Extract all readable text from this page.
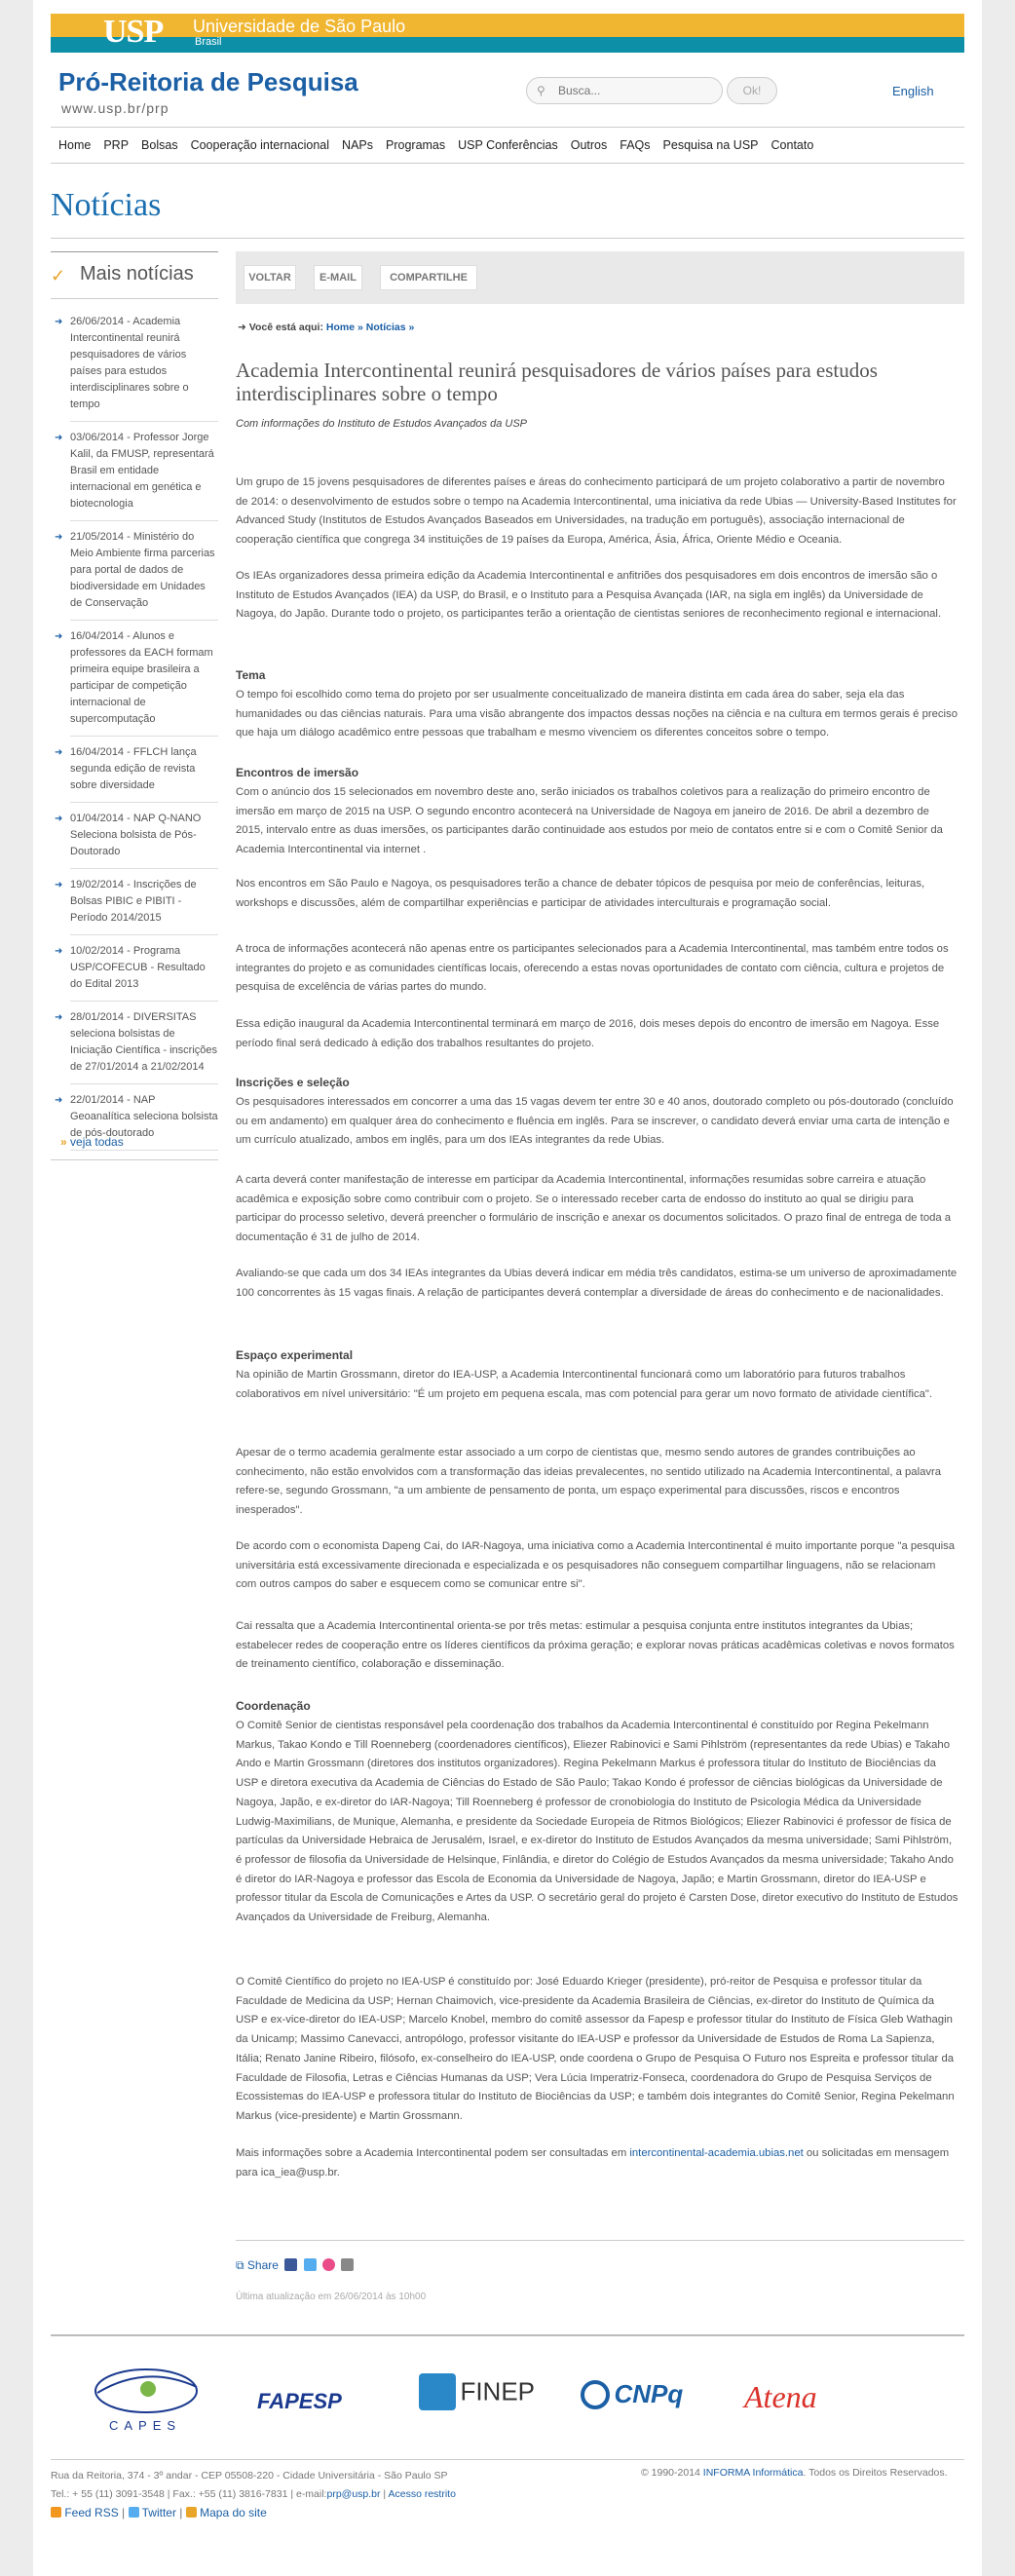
USP	Universidade de São Paulo
Brasil
Pró-Reitoria de Pesquisa
www.usp.br/prp
⚲
Busca...	Ok!	English
Home PRP Bolsas Cooperação internacional NAPs Programas USP Conferências Outros FAQs Pesquisa na USP Contato
Notícias
✓ Mais notícias
➜ 26/06/2014 - Academia Intercontinental reunirá pesquisadores de vários países para estudos interdisciplinares sobre o tempo
➜ 03/06/2014 - Professor Jorge Kalil, da FMUSP, representará Brasil em entidade internacional em genética e biotecnologia
➜ 21/05/2014 - Ministério do Meio Ambiente firma parcerias para portal de dados de biodiversidade em Unidades de Conservação
➜ 16/04/2014 - Alunos e professores da EACH formam primeira equipe brasileira a participar de competição internacional de supercomputação
➜ 16/04/2014 - FFLCH lança segunda edição de revista sobre diversidade
➜ 01/04/2014 - NAP Q-NANO Seleciona bolsista de Pós-Doutorado
➜ 19/02/2014 - Inscrições de Bolsas PIBIC e PIBITI - Período 2014/2015
➜ 10/02/2014 - Programa USP/COFECUB - Resultado do Edital 2013
➜ 28/01/2014 - DIVERSITAS seleciona bolsistas de Iniciação Científica - inscrições de 27/01/2014 a 21/02/2014
➜ 22/01/2014 - NAP Geoanalítica seleciona bolsista de pós-doutorado
» veja todas
VOLTAR	E-MAIL	COMPARTILHE
➜ Você está aqui: Home » Notícias »
Academia Intercontinental reunirá pesquisadores de vários países para estudos interdisciplinares sobre o tempo
Com informações do Instituto de Estudos Avançados da USP

Um grupo de 15 jovens pesquisadores de diferentes países e áreas do conhecimento participará de um projeto colaborativo a partir de novembro de 2014: o desenvolvimento de estudos sobre o tempo na Academia Intercontinental, uma iniciativa da rede Ubias — University-Based Institutes for Advanced Study (Institutos de Estudos Avançados Baseados em Universidades, na tradução em português), associação internacional de cooperação científica que congrega 34 instituições de 19 países da Europa, América, Ásia, África, Oriente Médio e Oceania.

Os IEAs organizadores dessa primeira edição da Academia Intercontinental e anfitriões dos pesquisadores em dois encontros de imersão são o Instituto de Estudos Avançados (IEA) da USP, do Brasil, e o Instituto para a Pesquisa Avançada (IAR, na sigla em inglês) da Universidade de Nagoya, do Japão. Durante todo o projeto, os participantes terão a orientação de cientistas seniores de reconhecimento regional e internacional.

Tema

O tempo foi escolhido como tema do projeto por ser usualmente conceitualizado de maneira distinta em cada área do saber, seja ela das humanidades ou das ciências naturais. Para uma visão abrangente dos impactos dessas noções na ciência e na cultura em termos gerais é preciso que haja um diálogo acadêmico entre pessoas que trabalham e mesmo vivenciem os diferentes conceitos sobre o tempo.

Encontros de imersão

Com o anúncio dos 15 selecionados em novembro deste ano, serão iniciados os trabalhos coletivos para a realização do primeiro encontro de imersão em março de 2015 na USP. O segundo encontro acontecerá na Universidade de Nagoya em janeiro de 2016. De abril a dezembro de 2015, intervalo entre as duas imersões, os participantes darão continuidade aos estudos por meio de contatos entre si e com o Comitê Senior da Academia Intercontinental via internet .

Nos encontros em São Paulo e Nagoya, os pesquisadores terão a chance de debater tópicos de pesquisa por meio de conferências, leituras, workshops e discussões, além de compartilhar experiências e participar de atividades interculturais e programação social.

A troca de informações acontecerá não apenas entre os participantes selecionados para a Academia Intercontinental, mas também entre todos os integrantes do projeto e as comunidades científicas locais, oferecendo a estas novas oportunidades de contato com ciência, cultura e projetos de pesquisa de excelência de várias partes do mundo.

Essa edição inaugural da Academia Intercontinental terminará em março de 2016, dois meses depois do encontro de imersão em Nagoya. Esse período final será dedicado à edição dos trabalhos resultantes do projeto.

Inscrições e seleção

Os pesquisadores interessados em concorrer a uma das 15 vagas devem ter entre 30 e 40 anos, doutorado completo ou pós-doutorado (concluído ou em andamento) em qualquer área do conhecimento e fluência em inglês. Para se inscrever, o candidato deverá enviar uma carta de intenção e um currículo atualizado, ambos em inglês, para um dos IEAs integrantes da rede Ubias.

A carta deverá conter manifestação de interesse em participar da Academia Intercontinental, informações resumidas sobre carreira e atuação acadêmica e exposição sobre como contribuir com o projeto. Se o interessado receber carta de endosso do instituto ao qual se dirigiu para participar do processo seletivo, deverá preencher o formulário de inscrição e anexar os documentos solicitados. O prazo final de entrega de toda a documentação é 31 de julho de 2014.

Avaliando-se que cada um dos 34 IEAs integrantes da Ubias deverá indicar em média três candidatos, estima-se um universo de aproximadamente 100 concorrentes às 15 vagas finais. A relação de participantes deverá contemplar a diversidade de áreas do conhecimento e de nacionalidades.

Espaço experimental

Na opinião de Martin Grossmann, diretor do IEA-USP, a Academia Intercontinental funcionará como um laboratório para futuros trabalhos colaborativos em nível universitário: "É um projeto em pequena escala, mas com potencial para gerar um novo formato de atividade científica".

Apesar de o termo academia geralmente estar associado a um corpo de cientistas que, mesmo sendo autores de grandes contribuições ao conhecimento, não estão envolvidos com a transformação das ideias prevalecentes, no sentido utilizado na Academia Intercontinental, a palavra refere-se, segundo Grossmann, "a um ambiente de pensamento de ponta, um espaço experimental para discussões, riscos e encontros inesperados".

De acordo com o economista Dapeng Cai, do IAR-Nagoya, uma iniciativa como a Academia Intercontinental é muito importante porque "a pesquisa universitária está excessivamente direcionada e especializada e os pesquisadores não conseguem compartilhar linguagens, não se relacionam com outros campos do saber e esquecem como se comunicar entre si".

Cai ressalta que a Academia Intercontinental orienta-se por três metas: estimular a pesquisa conjunta entre institutos integrantes da Ubias; estabelecer redes de cooperação entre os líderes científicos da próxima geração; e explorar novas práticas acadêmicas coletivas e novos formatos de treinamento científico, colaboração e disseminação.

Coordenação

O Comitê Senior de cientistas responsável pela coordenação dos trabalhos da Academia Intercontinental é constituído por Regina Pekelmann Markus, Takao Kondo e Till Roenneberg (coordenadores científicos), Eliezer Rabinovici e Sami Pihlström (representantes da rede Ubias) e Takaho Ando e Martin Grossmann (diretores dos institutos organizadores). Regina Pekelmann Markus é professora titular do Instituto de Biociências da USP e diretora executiva da Academia de Ciências do Estado de São Paulo; Takao Kondo é professor de ciências biológicas da Universidade de Nagoya, Japão, e ex-diretor do IAR-Nagoya; Till Roenneberg é professor de cronobiologia do Instituto de Psicologia Médica da Universidade Ludwig-Maximilians, de Munique, Alemanha, e presidente da Sociedade Europeia de Ritmos Biológicos; Eliezer Rabinovici é professor de física de partículas da Universidade Hebraica de Jerusalém, Israel, e ex-diretor do Instituto de Estudos Avançados da mesma universidade; Sami Pihlström, é professor de filosofia da Universidade de Helsinque, Finlândia, e diretor do Colégio de Estudos Avançados da mesma universidade; Takaho Ando é diretor do IAR-Nagoya e professor das Escola de Economia da Universidade de Nagoya, Japão; e Martin Grossmann, diretor do IEA-USP e professor titular da Escola de Comunicações e Artes da USP. O secretário geral do projeto é Carsten Dose, diretor executivo do Instituto de Estudos Avançados da Universidade de Freiburg, Alemanha.

O Comitê Científico do projeto no IEA-USP é constituído por: José Eduardo Krieger (presidente), pró-reitor de Pesquisa e professor titular da Faculdade de Medicina da USP; Hernan Chaimovich, vice-presidente da Academia Brasileira de Ciências, ex-diretor do Instituto de Química da USP e ex-vice-diretor do IEA-USP; Marcelo Knobel, membro do comitê assessor da Fapesp e professor titular do Instituto de Física Gleb Wathagin da Unicamp; Massimo Canevacci, antropólogo, professor visitante do IEA-USP e professor da Universidade de Estudos de Roma La Sapienza, Itália; Renato Janine Ribeiro, filósofo, ex-conselheiro do IEA-USP, onde coordena o Grupo de Pesquisa O Futuro nos Espreita e professor titular da Faculdade de Filosofia, Letras e Ciências Humanas da USP; Vera Lúcia Imperatriz-Fonseca, coordenadora do Grupo de Pesquisa Serviços de Ecossistemas do IEA-USP e professora titular do Instituto de Biociências da USP; e também dois integrantes do Comitê Senior, Regina Pekelmann Markus (vice-presidente) e Martin Grossmann.

Mais informações sobre a Academia Intercontinental podem ser consultadas em intercontinental-academia.ubias.net ou solicitadas em mensagem para ica_iea@usp.br.

⧉ Share
Última atualização em 26/06/2014 às 10h00
CAPES
FAPESP	FINEP	CNPq Atena
Rua da Reitoria, 374 - 3º andar - CEP 05508-220 - Cidade Universitária - São Paulo SP
Tel.: + 55 (11) 3091-3548 | Fax.: +55 (11) 3816-7831 | e-mail:prp@usp.br | Acesso restrito
Feed RSS |  Twitter |  Mapa do site
© 1990-2014 INFORMA Informática. Todos os Direitos Reservados.
